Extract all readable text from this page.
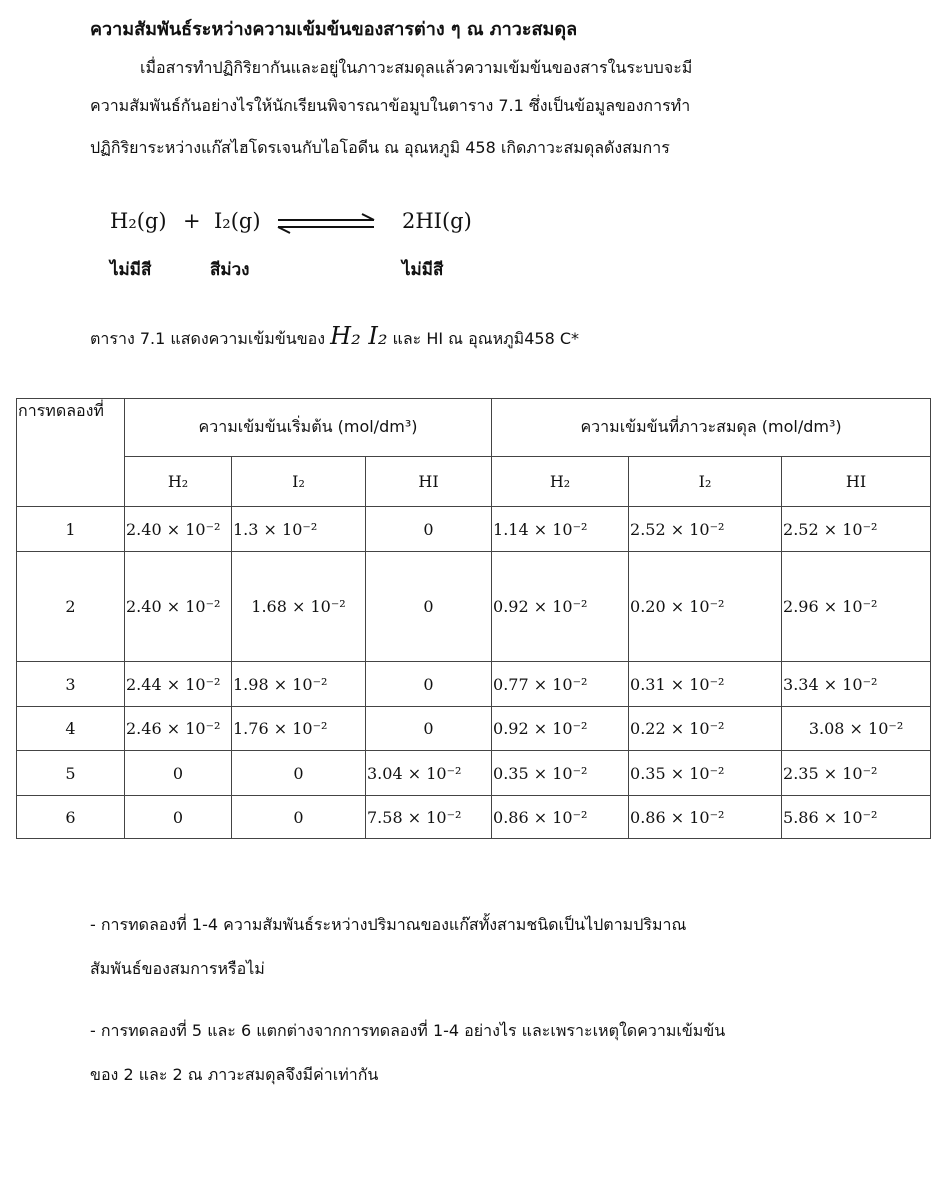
ความสัมพันธ์ระหว่างความเข้มข้นของสารต่าง ๆ ณ ภาวะสมดุล
เมื่อสารทำปฏิกิริยากันและอยู่ในภาวะสมดุลแล้วความเข้มข้นของสารในระบบจะมี
ความสัมพันธ์กันอย่างไรให้นักเรียนพิจารณาข้อมูบในตาราง 7.1 ซึ่งเป็นข้อมูลของการทำ
ปฏิกิริยาระหว่างแก๊สไฮโดรเจนกับไอโอดีน ณ อุณหภูมิ 458 เกิดภาวะสมดุลดังสมการ
H₂(g) + I₂(g)	2HI(g)
ไม่มีสี	สีม่วง	ไม่มีสี
ตาราง 7.1 แสดงความเข้มข้นของ H₂ I₂ และ HI ณ อุณหภูมิ458 C*
การทดลองที่	ความเข้มข้นเริ่มต้น (mol/dm³)			ความเข้มข้นที่ภาวะสมดุล (mol/dm³)		
	H₂	I₂	HI	H₂	I₂	HI
1	2.40 × 10⁻²	1.3 × 10⁻²	0	1.14 × 10⁻²	2.52 × 10⁻²	2.52 × 10⁻²
2	2.40 × 10⁻²	1.68 × 10⁻²	0	0.92 × 10⁻²	0.20 × 10⁻²	2.96 × 10⁻²
3	2.44 × 10⁻²	1.98 × 10⁻²	0	0.77 × 10⁻²	0.31 × 10⁻²	3.34 × 10⁻²
4	2.46 × 10⁻²	1.76 × 10⁻²	0	0.92 × 10⁻²	0.22 × 10⁻²	3.08 × 10⁻²
5	0	0	3.04 × 10⁻²	0.35 × 10⁻²	0.35 × 10⁻²	2.35 × 10⁻²
6	0	0	7.58 × 10⁻²	0.86 × 10⁻²	0.86 × 10⁻²	5.86 × 10⁻²
- การทดลองที่ 1-4 ความสัมพันธ์ระหว่างปริมาณของแก๊สทั้งสามชนิดเป็นไปตามปริมาณ
สัมพันธ์ของสมการหรือไม่
- การทดลองที่ 5 และ 6 แตกต่างจากการทดลองที่ 1-4 อย่างไร และเพราะเหตุใดความเข้มข้น
ของ 2 และ 2 ณ ภาวะสมดุลจึงมีค่าเท่ากัน
